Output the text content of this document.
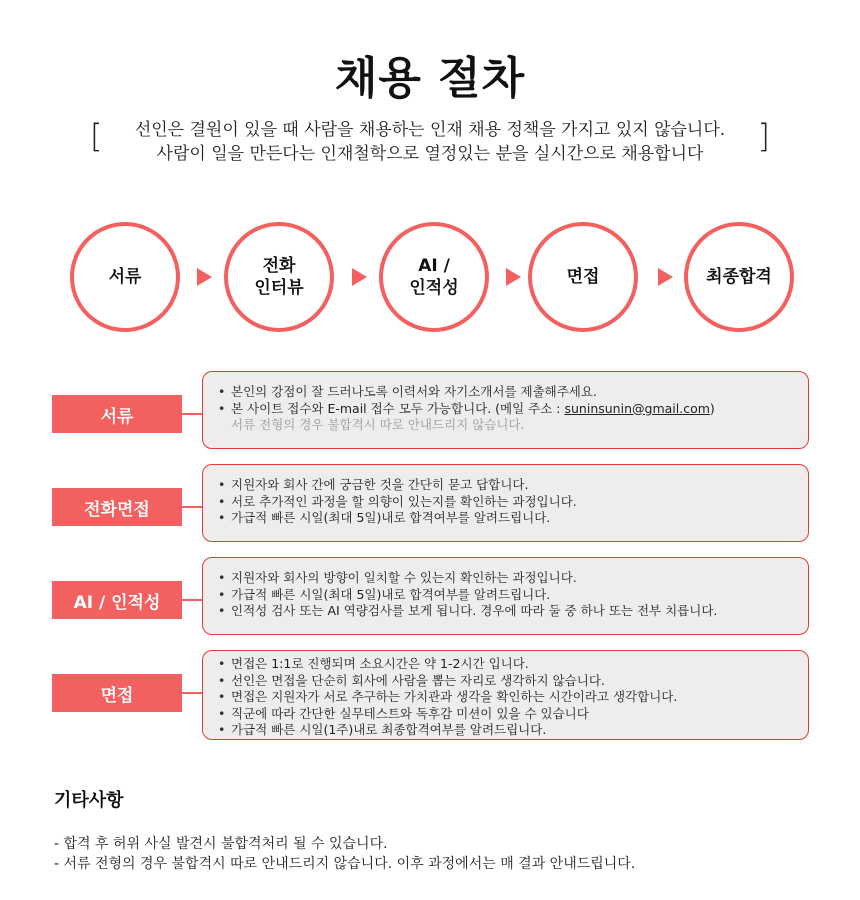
채용 절차
[	선인은 결원이 있을 때 사람을 채용하는 인재 채용 정책을 가지고 있지 않습니다.
사람이 일을 만든다는 인재철학으로 열정있는 분을 실시간으로 채용합니다	]
서류
전화
인터뷰
AI /
인적성
면접	최종합격
서류
• 본인의 강점이 잘 드러나도록 이력서와 자기소개서를 제출해주세요.
• 본 사이트 접수와 E-mail 접수 모두 가능합니다. (메일 주소 : suninsunin@gmail.com)
서류 전형의 경우 불합격시 따로 안내드리지 않습니다.
전화면접
• 지원자와 회사 간에 궁금한 것을 간단히 묻고 답합니다.
• 서로 추가적인 과정을 할 의향이 있는지를 확인하는 과정입니다.
• 가급적 빠른 시일(최대 5일)내로 합격여부를 알려드립니다.
AI / 인적성
• 지원자와 회사의 방향이 일치할 수 있는지 확인하는 과정입니다.
• 가급적 빠른 시일(최대 5일)내로 합격여부를 알려드립니다.
• 인적성 검사 또는 AI 역량검사를 보게 됩니다. 경우에 따라 둘 중 하나 또는 전부 치릅니다.
면접
• 면접은 1:1로 진행되며 소요시간은 약 1-2시간 입니다.
• 선인은 면접을 단순히 회사에 사람을 뽑는 자리로 생각하지 않습니다.
• 면접은 지원자가 서로 추구하는 가치관과 생각을 확인하는 시간이라고 생각합니다.
• 직군에 따라 간단한 실무테스트와 독후감 미션이 있을 수 있습니다
• 가급적 빠른 시일(1주)내로 최종합격여부를 알려드립니다.
기타사항

- 합격 후 허위 사실 발견시 불합격처리 될 수 있습니다.

- 서류 전형의 경우 불합격시 따로 안내드리지 않습니다. 이후 과정에서는 매 결과 안내드립니다.
